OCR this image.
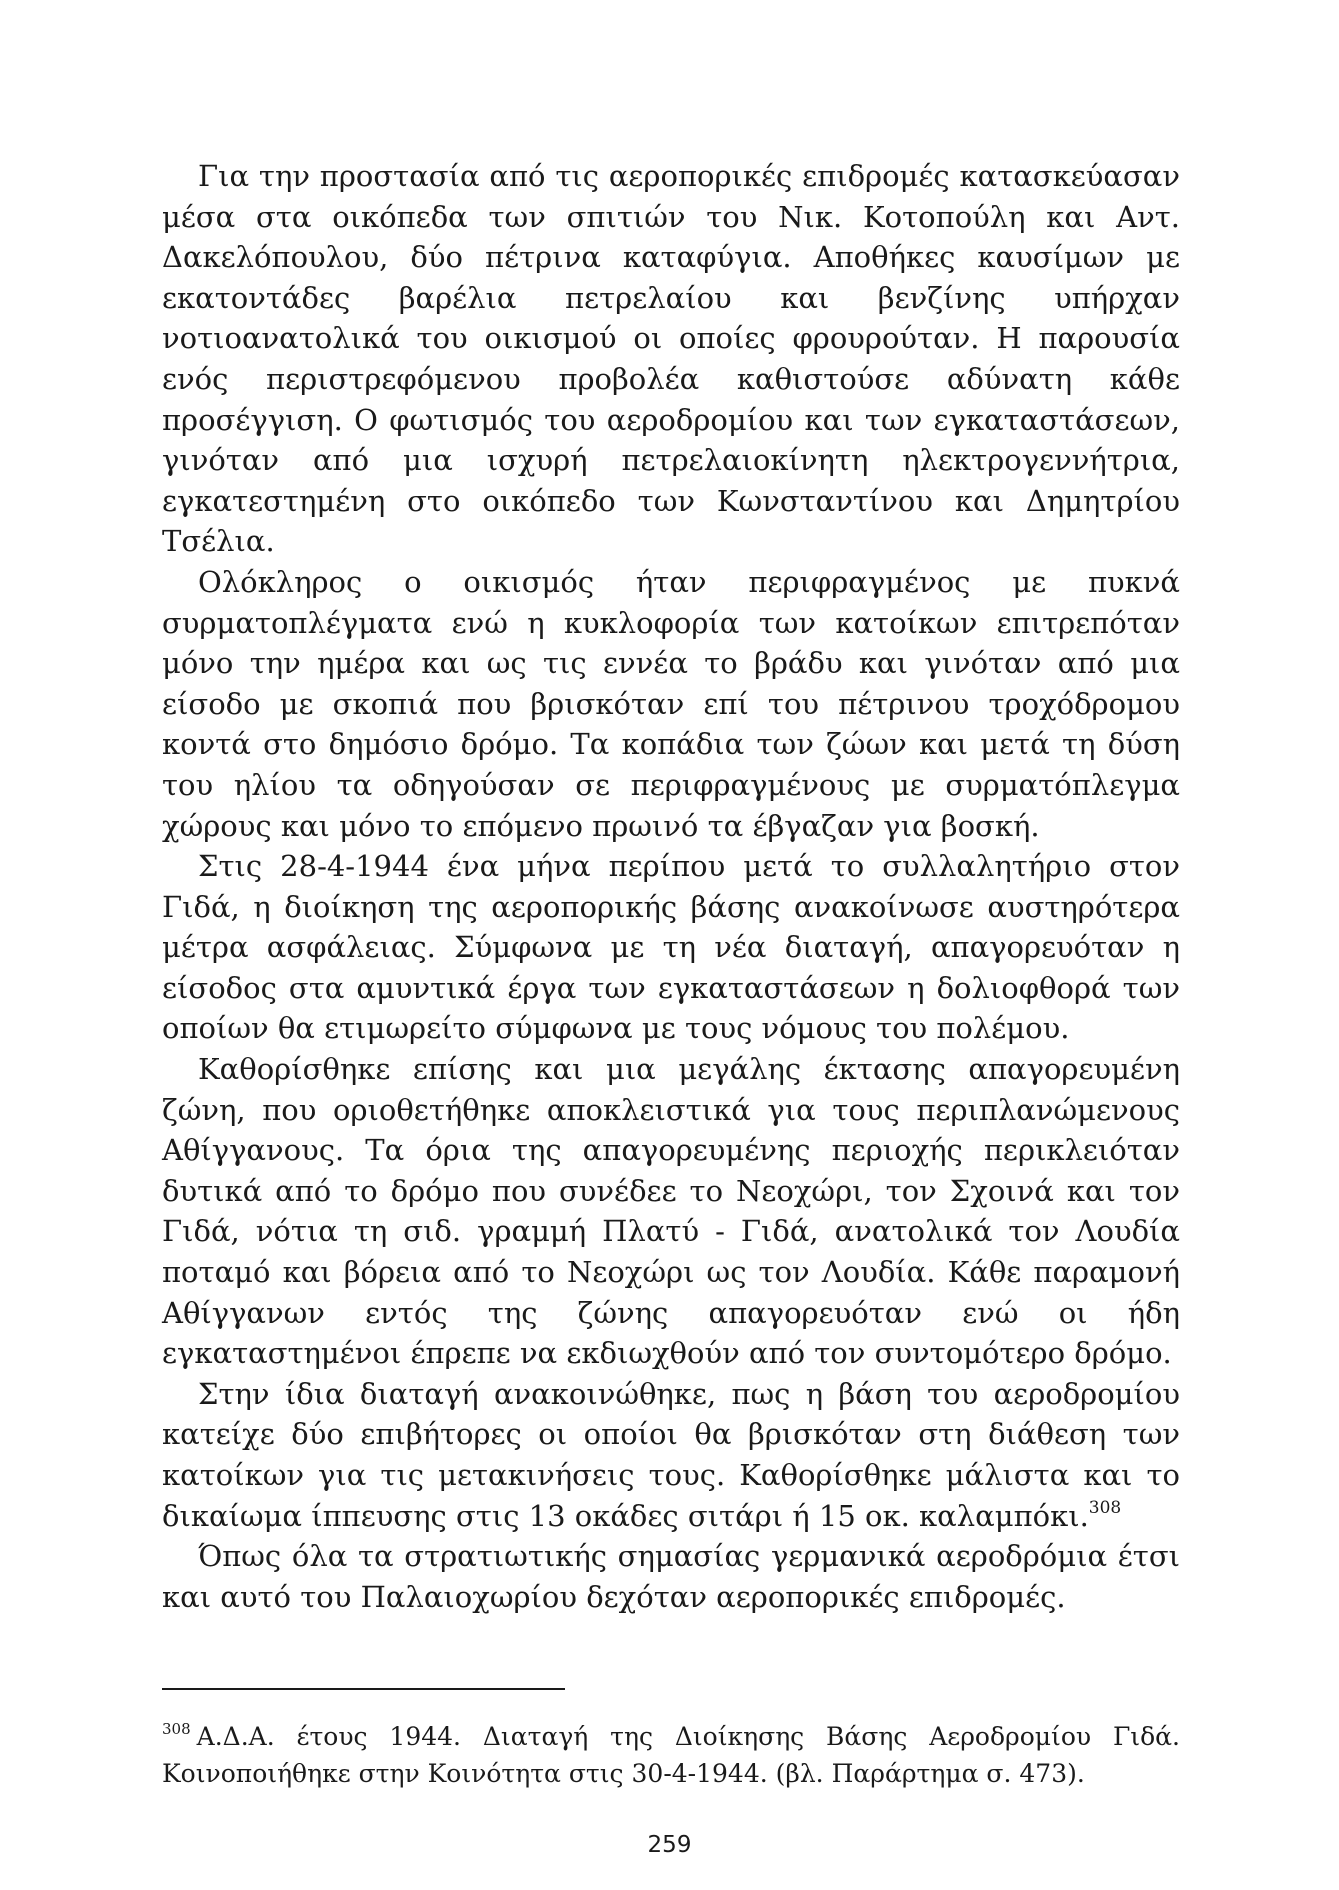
Για την προστασία από τις αεροπορικές επιδρομές κατασκεύασαν μέσα στα οικόπεδα των σπιτιών του Νικ. Κοτοπούλη και Αντ. Δακελόπουλου, δύο πέτρινα καταφύγια. Αποθήκες καυσίμων με εκατοντάδες βαρέλια πετρελαίου και βενζίνης υπήρχαν νοτιοανατολικά του οικισμού οι οποίες φρουρούταν. Η παρουσία ενός περιστρεφόμενου προβολέα καθιστούσε αδύνατη κάθε προσέγγιση. Ο φωτισμός του αεροδρομίου και των εγκαταστάσεων, γινόταν από μια ισχυρή πετρελαιοκίνητη ηλεκτρογεννήτρια, εγκατεστημένη στο οικόπεδο των Κωνσταντίνου και Δημητρίου Τσέλια.

Ολόκληρος ο οικισμός ήταν περιφραγμένος με πυκνά συρματοπλέγματα ενώ η κυκλοφορία των κατοίκων επιτρεπόταν μόνο την ημέρα και ως τις εννέα το βράδυ και γινόταν από μια είσοδο με σκοπιά που βρισκόταν επί του πέτρινου τροχόδρομου κοντά στο δημόσιο δρόμο. Τα κοπάδια των ζώων και μετά τη δύση του ηλίου τα οδηγούσαν σε περιφραγμένους με συρματόπλεγμα χώρους και μόνο το επόμενο πρωινό τα έβγαζαν για βοσκή.

Στις 28-4-1944 ένα μήνα περίπου μετά το συλλαλητήριο στον Γιδά, η διοίκηση της αεροπορικής βάσης ανακοίνωσε αυστηρότερα μέτρα ασφάλειας. Σύμφωνα με τη νέα διαταγή, απαγορευόταν η είσοδος στα αμυντικά έργα των εγκαταστάσεων η δολιοφθορά των οποίων θα ετιμωρείτο σύμφωνα με τους νόμους του πολέμου.

Καθορίσθηκε επίσης και μια μεγάλης έκτασης απαγορευμένη ζώνη, που οριοθετήθηκε αποκλειστικά για τους περιπλανώμενους Αθίγγανους. Τα όρια της απαγορευμένης περιοχής περικλειόταν δυτικά από το δρόμο που συνέδεε το Νεοχώρι, τον Σχοινά και τον Γιδά, νότια τη σιδ. γραμμή Πλατύ - Γιδά, ανατολικά τον Λουδία ποταμό και βόρεια από το Νεοχώρι ως τον Λουδία. Κάθε παραμονή Αθίγγανων εντός της ζώνης απαγορευόταν ενώ οι ήδη εγκαταστημένοι έπρεπε να εκδιωχθούν από τον συντομότερο δρόμο.

Στην ίδια διαταγή ανακοινώθηκε, πως η βάση του αεροδρομίου κατείχε δύο επιβήτορες οι οποίοι θα βρισκόταν στη διάθεση των κατοίκων για τις μετακινήσεις τους. Καθορίσθηκε μάλιστα και το δικαίωμα ίππευσης στις 13 οκάδες σιτάρι ή 15 οκ. καλαμπόκι.$^{308}$

Όπως όλα τα στρατιωτικής σημασίας γερμανικά αεροδρόμια έτσι και αυτό του Παλαιοχωρίου δεχόταν αεροπορικές επιδρομές.

$^{308}$ Α.Δ.Α. έτους 1944. Διαταγή της Διοίκησης Βάσης Αεροδρομίου Γιδά. Κοινοποιήθηκε στην Κοινότητα στις 30-4-1944. (βλ. Παράρτημα σ. 473).
259
